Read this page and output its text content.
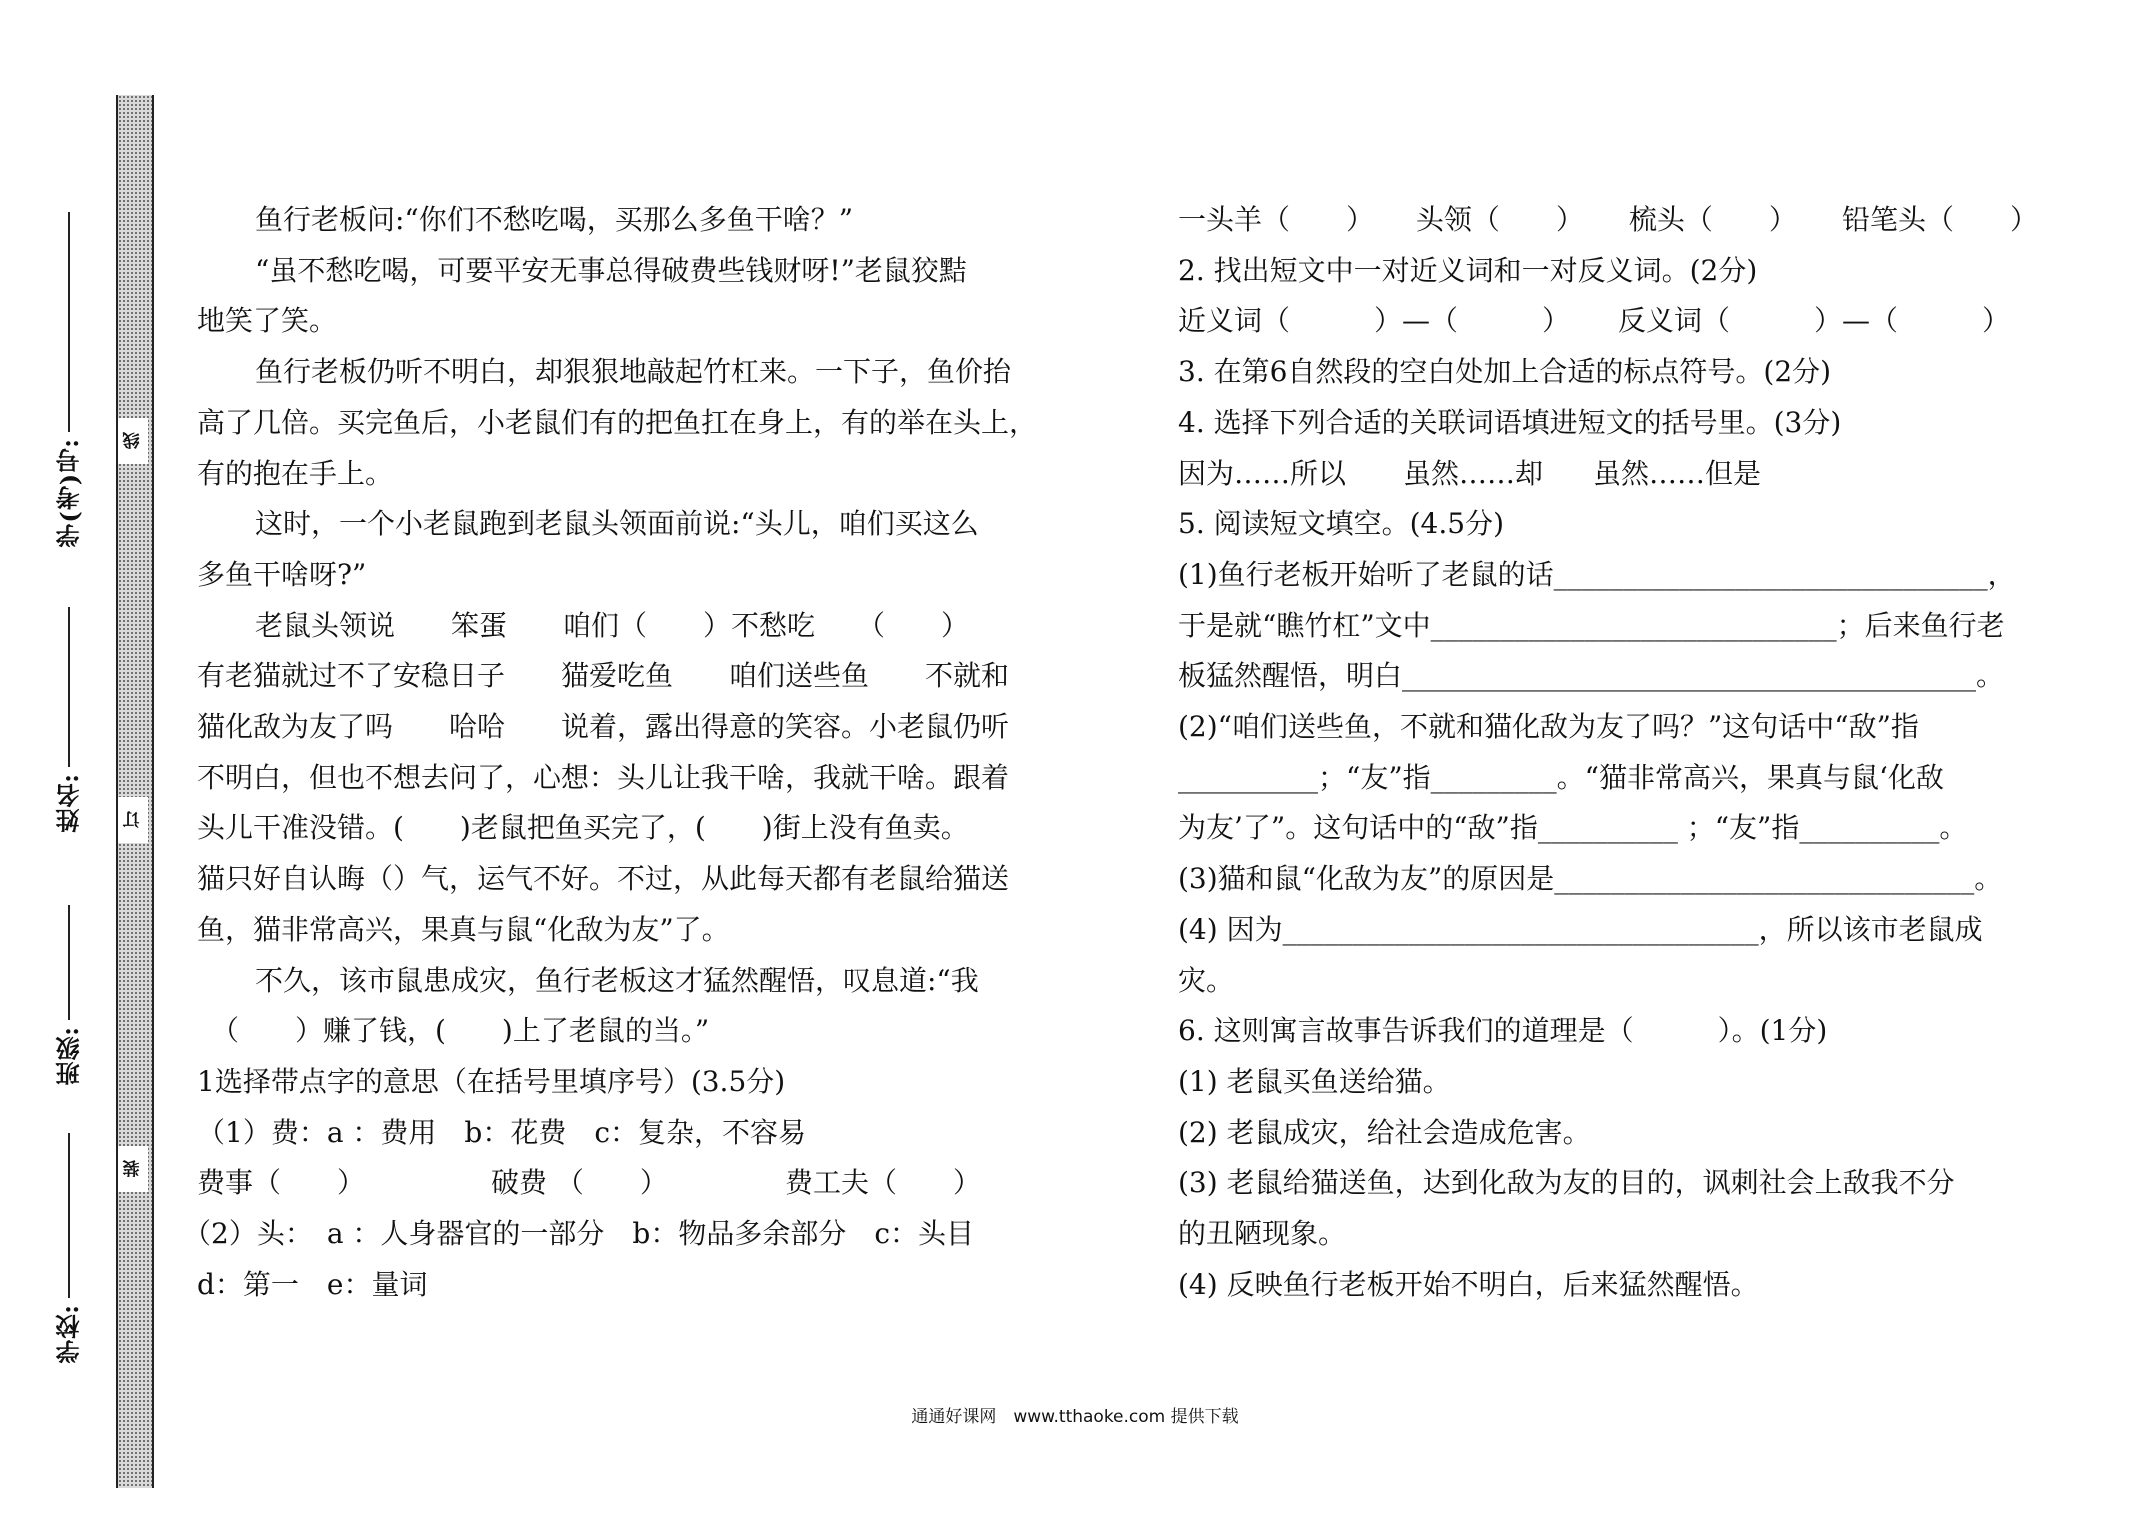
线
订
装
学(考)号:
姓名:
班级:
学校:

鱼行老板问:“你们不愁吃喝，买那么多鱼干啥？”

“虽不愁吃喝，可要平安无事总得破费些钱财呀!”老鼠狡黠

地笑了笑。

鱼行老板仍听不明白，却狠狠地敲起竹杠来。一下子，鱼价抬

高了几倍。买完鱼后，小老鼠们有的把鱼扛在身上，有的举在头上，

有的抱在手上。

这时，一个小老鼠跑到老鼠头领面前说:“头儿，咱们买这么

多鱼干啥呀?”

老鼠头领说　　笨蛋　　咱们（　　）不愁吃　　（　　）

有老猫就过不了安稳日子　　猫爱吃鱼　　咱们送些鱼　　不就和

猫化敌为友了吗　　哈哈　　说着，露出得意的笑容。小老鼠仍听

不明白，但也不想去问了，心想：头儿让我干啥，我就干啥。跟着

头儿干准没错。(　　)老鼠把鱼买完了，(　　)街上没有鱼卖。

猫只好自认晦（）气，运气不好。不过，从此每天都有老鼠给猫送

鱼，猫非常高兴，果真与鼠“化敌为友”了。

不久，该市鼠患成灾，鱼行老板这才猛然醒悟，叹息道:“我

（　　）赚了钱，(　　)上了老鼠的当。”

1选择带点字的意思（在括号里填序号）(3.5分)

（1）费：a ：费用　b：花费　c：复杂，不容易

费事（　　）	破费 （　　）	费工夫（　　）

（2）头：　a ：人身器官的一部分　b：物品多余部分　c：头目

d：第一　e：量词

一头羊（　　）	头领（　　）	梳头（　　）	铅笔头（　　）

2. 找出短文中一对近义词和一对反义词。(2分)

近义词（　　　）—（　　　）	反义词（　　　）—（　　　）

3. 在第6自然段的空白处加上合适的标点符号。(2分)

4. 选择下列合适的关联词语填进短文的括号里。(3分)

因为……所以	虽然……却	虽然……但是

5. 阅读短文填空。(4.5分)

(1)鱼行老板开始听了老鼠的话_______________________________，

于是就“瞧竹杠”文中_____________________________；后来鱼行老

板猛然醒悟，明白_________________________________________。

(2)“咱们送些鱼，不就和猫化敌为友了吗？”这句话中“敌”指

__________；“友”指_________。“猫非常高兴，果真与鼠‘化敌

为友’了”。这句话中的“敌”指__________ ；“友”指__________。

(3)猫和鼠“化敌为友”的原因是______________________________。

(4) 因为__________________________________，所以该市老鼠成

灾。

6. 这则寓言故事告诉我们的道理是（　　　）。(1分)

(1) 老鼠买鱼送给猫。

(2) 老鼠成灾，给社会造成危害。

(3) 老鼠给猫送鱼，达到化敌为友的目的，讽刺社会上敌我不分

的丑陋现象。

(4) 反映鱼行老板开始不明白，后来猛然醒悟。

通通好课网　www.tthaoke.com 提供下载
